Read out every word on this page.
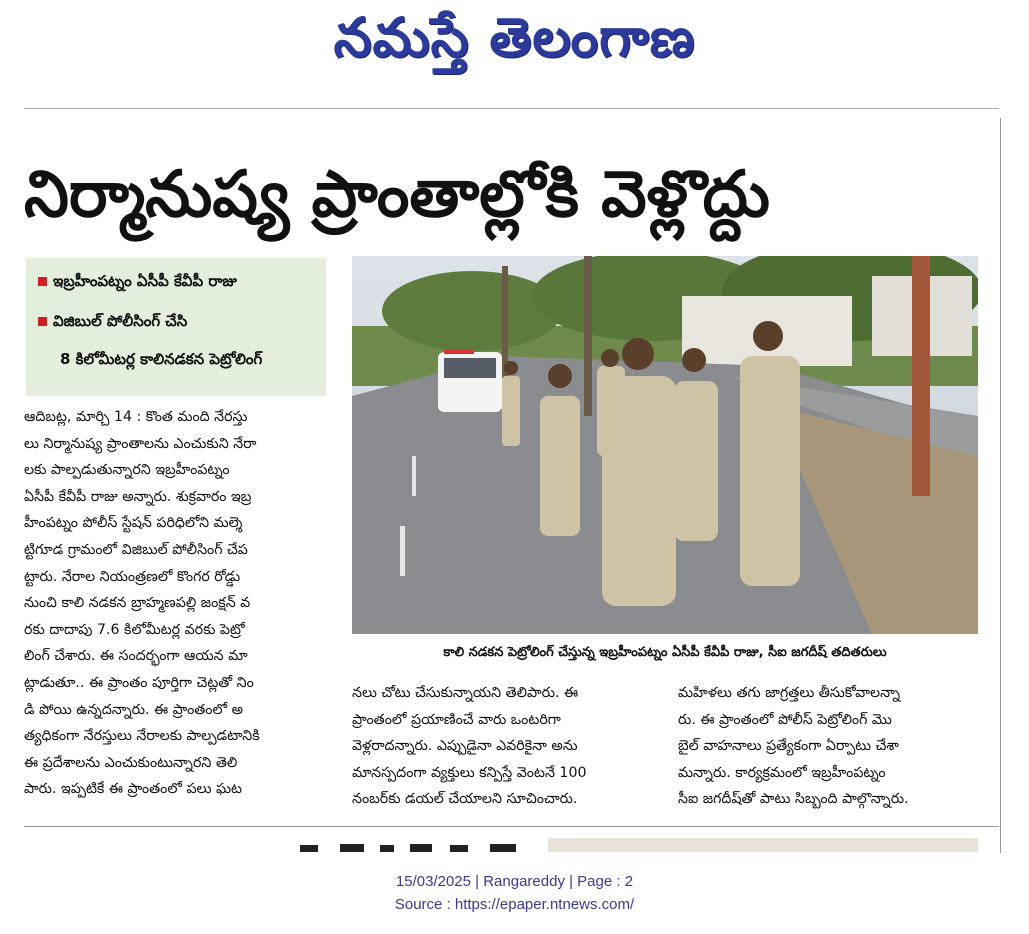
నమస్తే తెలంగాణ
నిర్మానుష్య ప్రాంతాల్లోకి వెళ్లొద్దు
ఇబ్రహీంపట్నం ఏసీపీ కేవీపీ రాజు
విజిబుల్ పోలీసింగ్ చేసి
8 కిలోమీటర్ల కాలినడకన పెట్రోలింగ్
కాలి నడకన పెట్రోలింగ్ చేస్తున్న ఇబ్రహీంపట్నం ఏసీపీ కేవీపీ రాజు, సీఐ జగదీష్ తదితరులు
ఆదిబట్ల, మార్చి 14 : కొంత మంది నేరస్తు
లు నిర్మానుష్య ప్రాంతాలను ఎంచుకుని నేరా
లకు పాల్పడుతున్నారని ఇబ్రహీంపట్నం
ఏసీపీ కేవీపీ రాజు అన్నారు. శుక్రవారం ఇబ్ర
హీంపట్నం పోలీస్ స్టేషన్ పరిధిలోని మల్శె
ట్టిగూడ గ్రామంలో విజిబుల్ పోలీసింగ్ చేప
ట్టారు. నేరాల నియంత్రణలో కొంగర రోడ్డు
నుంచి కాలి నడకన బ్రాహ్మణపల్లి జంక్షన్ వ
రకు దాదాపు 7.6 కిలోమీటర్ల వరకు పెట్రో
లింగ్ చేశారు. ఈ సందర్భంగా ఆయన మా
ట్లాడుతూ.. ఈ ప్రాంతం పూర్తిగా చెట్లతో నిం
డి పోయి ఉన్నదన్నారు. ఈ ప్రాంతంలో అ
త్యధికంగా నేరస్తులు నేరాలకు పాల్పడటానికి
ఈ ప్రదేశాలను ఎంచుకుంటున్నారని తెలి
పారు. ఇప్పటికే ఈ ప్రాంతంలో పలు ఘట
నలు చోటు చేసుకున్నాయని తెలిపారు. ఈ
ప్రాంతంలో ప్రయాణించే వారు ఒంటరిగా
వెళ్లరాదన్నారు. ఎప్పుడైనా ఎవరికైనా అను
మానస్పదంగా వ్యక్తులు కన్పిస్తే వెంటనే 100
నంబర్‌కు డయల్ చేయాలని సూచించారు.
మహిళలు తగు జాగ్రత్తలు తీసుకోవాలన్నా
రు. ఈ ప్రాంతంలో పోలీస్ పెట్రోలింగ్ మొ
బైల్ వాహనాలు ప్రత్యేకంగా ఏర్పాటు చేశా
మన్నారు. కార్యక్రమంలో ఇబ్రహీంపట్నం
సీఐ జగదీష్‌తో పాటు సిబ్బంది పాల్గొన్నారు.
15/03/2025 | Rangareddy | Page : 2
Source : https://epaper.ntnews.com/
